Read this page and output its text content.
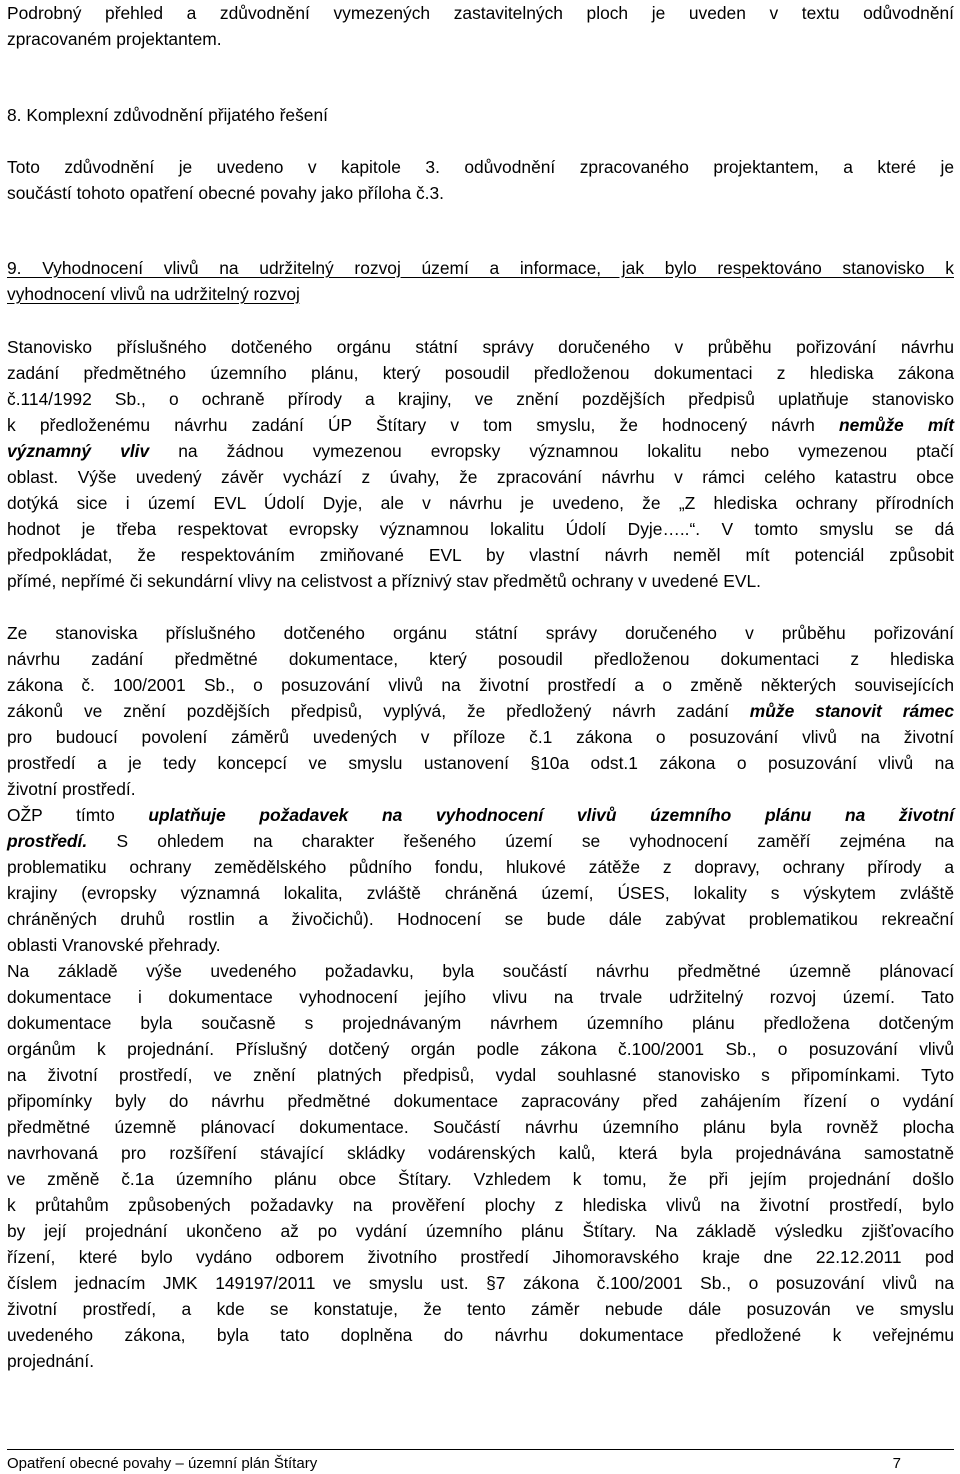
Podrobný přehled a zdůvodnění vymezených zastavitelných ploch je uveden v textu odůvodnění

zpracovaném projektantem.

8. Komplexní zdůvodnění přijatého řešení

Toto zdůvodnění je uvedeno v kapitole 3. odůvodnění zpracovaného projektantem, a které je

součástí tohoto opatření obecné povahy jako příloha č.3.

9. Vyhodnocení vlivů na udržitelný rozvoj území a informace, jak bylo respektováno stanovisko k

vyhodnocení vlivů na udržitelný rozvoj

Stanovisko příslušného dotčeného orgánu státní správy doručeného v průběhu pořizování návrhu

zadání předmětného územního plánu, který posoudil předloženou dokumentaci z hlediska zákona

č.114/1992 Sb., o ochraně přírody a krajiny, ve znění pozdějších předpisů uplatňuje stanovisko

k předloženému návrhu zadání ÚP Štítary v tom smyslu, že hodnocený návrh nemůže mít

významný vliv na žádnou vymezenou evropsky významnou lokalitu nebo vymezenou ptačí

oblast. Výše uvedený závěr vychází z úvahy, že zpracování návrhu v rámci celého katastru obce

dotýká sice i území EVL Údolí Dyje, ale v návrhu je uvedeno, že „Z hlediska ochrany přírodních

hodnot je třeba respektovat evropsky významnou lokalitu Údolí Dyje…..“. V tomto smyslu se dá

předpokládat, že respektováním zmiňované EVL by vlastní návrh neměl mít potenciál způsobit

přímé, nepřímé či sekundární vlivy na celistvost a příznivý stav předmětů ochrany v uvedené EVL.

Ze stanoviska příslušného dotčeného orgánu státní správy doručeného v průběhu pořizování

návrhu zadání předmětné dokumentace, který posoudil předloženou dokumentaci z hlediska

zákona č. 100/2001 Sb., o posuzování vlivů na životní prostředí a o změně některých souvisejících

zákonů ve znění pozdějších předpisů, vyplývá, že předložený návrh zadání může stanovit rámec

pro budoucí povolení záměrů uvedených v příloze č.1 zákona o posuzování vlivů na životní

prostředí a je tedy koncepcí ve smyslu ustanovení §10a odst.1 zákona o posuzování vlivů na

životní prostředí.

OŽP tímto uplatňuje požadavek na vyhodnocení vlivů územního plánu na životní

prostředí. S ohledem na charakter řešeného území se vyhodnocení zaměří zejména na

problematiku ochrany zemědělského půdního fondu, hlukové zátěže z dopravy, ochrany přírody a

krajiny (evropsky významná lokalita, zvláště chráněná území, ÚSES, lokality s výskytem zvláště

chráněných druhů rostlin a živočichů). Hodnocení se bude dále zabývat problematikou rekreační

oblasti Vranovské přehrady.

Na základě výše uvedeného požadavku, byla součástí návrhu předmětné územně plánovací

dokumentace i dokumentace vyhodnocení jejího vlivu na trvale udržitelný rozvoj území. Tato

dokumentace byla současně s projednávaným návrhem územního plánu předložena dotčeným

orgánům k projednání. Příslušný dotčený orgán podle zákona č.100/2001 Sb., o posuzování vlivů

na životní prostředí, ve znění platných předpisů, vydal souhlasné stanovisko s připomínkami. Tyto

připomínky byly do návrhu předmětné dokumentace zapracovány před zahájením řízení o vydání

předmětné územně plánovací dokumentace. Součástí návrhu územního plánu byla rovněž plocha

navrhovaná pro rozšíření stávající skládky vodárenských kalů, která byla projednávána samostatně

ve změně č.1a územního plánu obce Štítary. Vzhledem k tomu, že při jejím projednání došlo

k průtahům způsobených požadavky na prověření plochy z hlediska vlivů na životní prostředí, bylo

by její projednání ukončeno až po vydání územního plánu Štítary. Na základě výsledku zjišťovacího

řízení, které bylo vydáno odborem životního prostředí Jihomoravského kraje dne 22.12.2011 pod

číslem jednacím JMK 149197/2011 ve smyslu ust. §7 zákona č.100/2001 Sb., o posuzování vlivů na

životní prostředí, a kde se konstatuje, že tento záměr nebude dále posuzován ve smyslu

uvedeného zákona, byla tato doplněna do návrhu dokumentace předložené k veřejnému

projednání.

Opatření obecné povahy – územní plán Štítary	7
